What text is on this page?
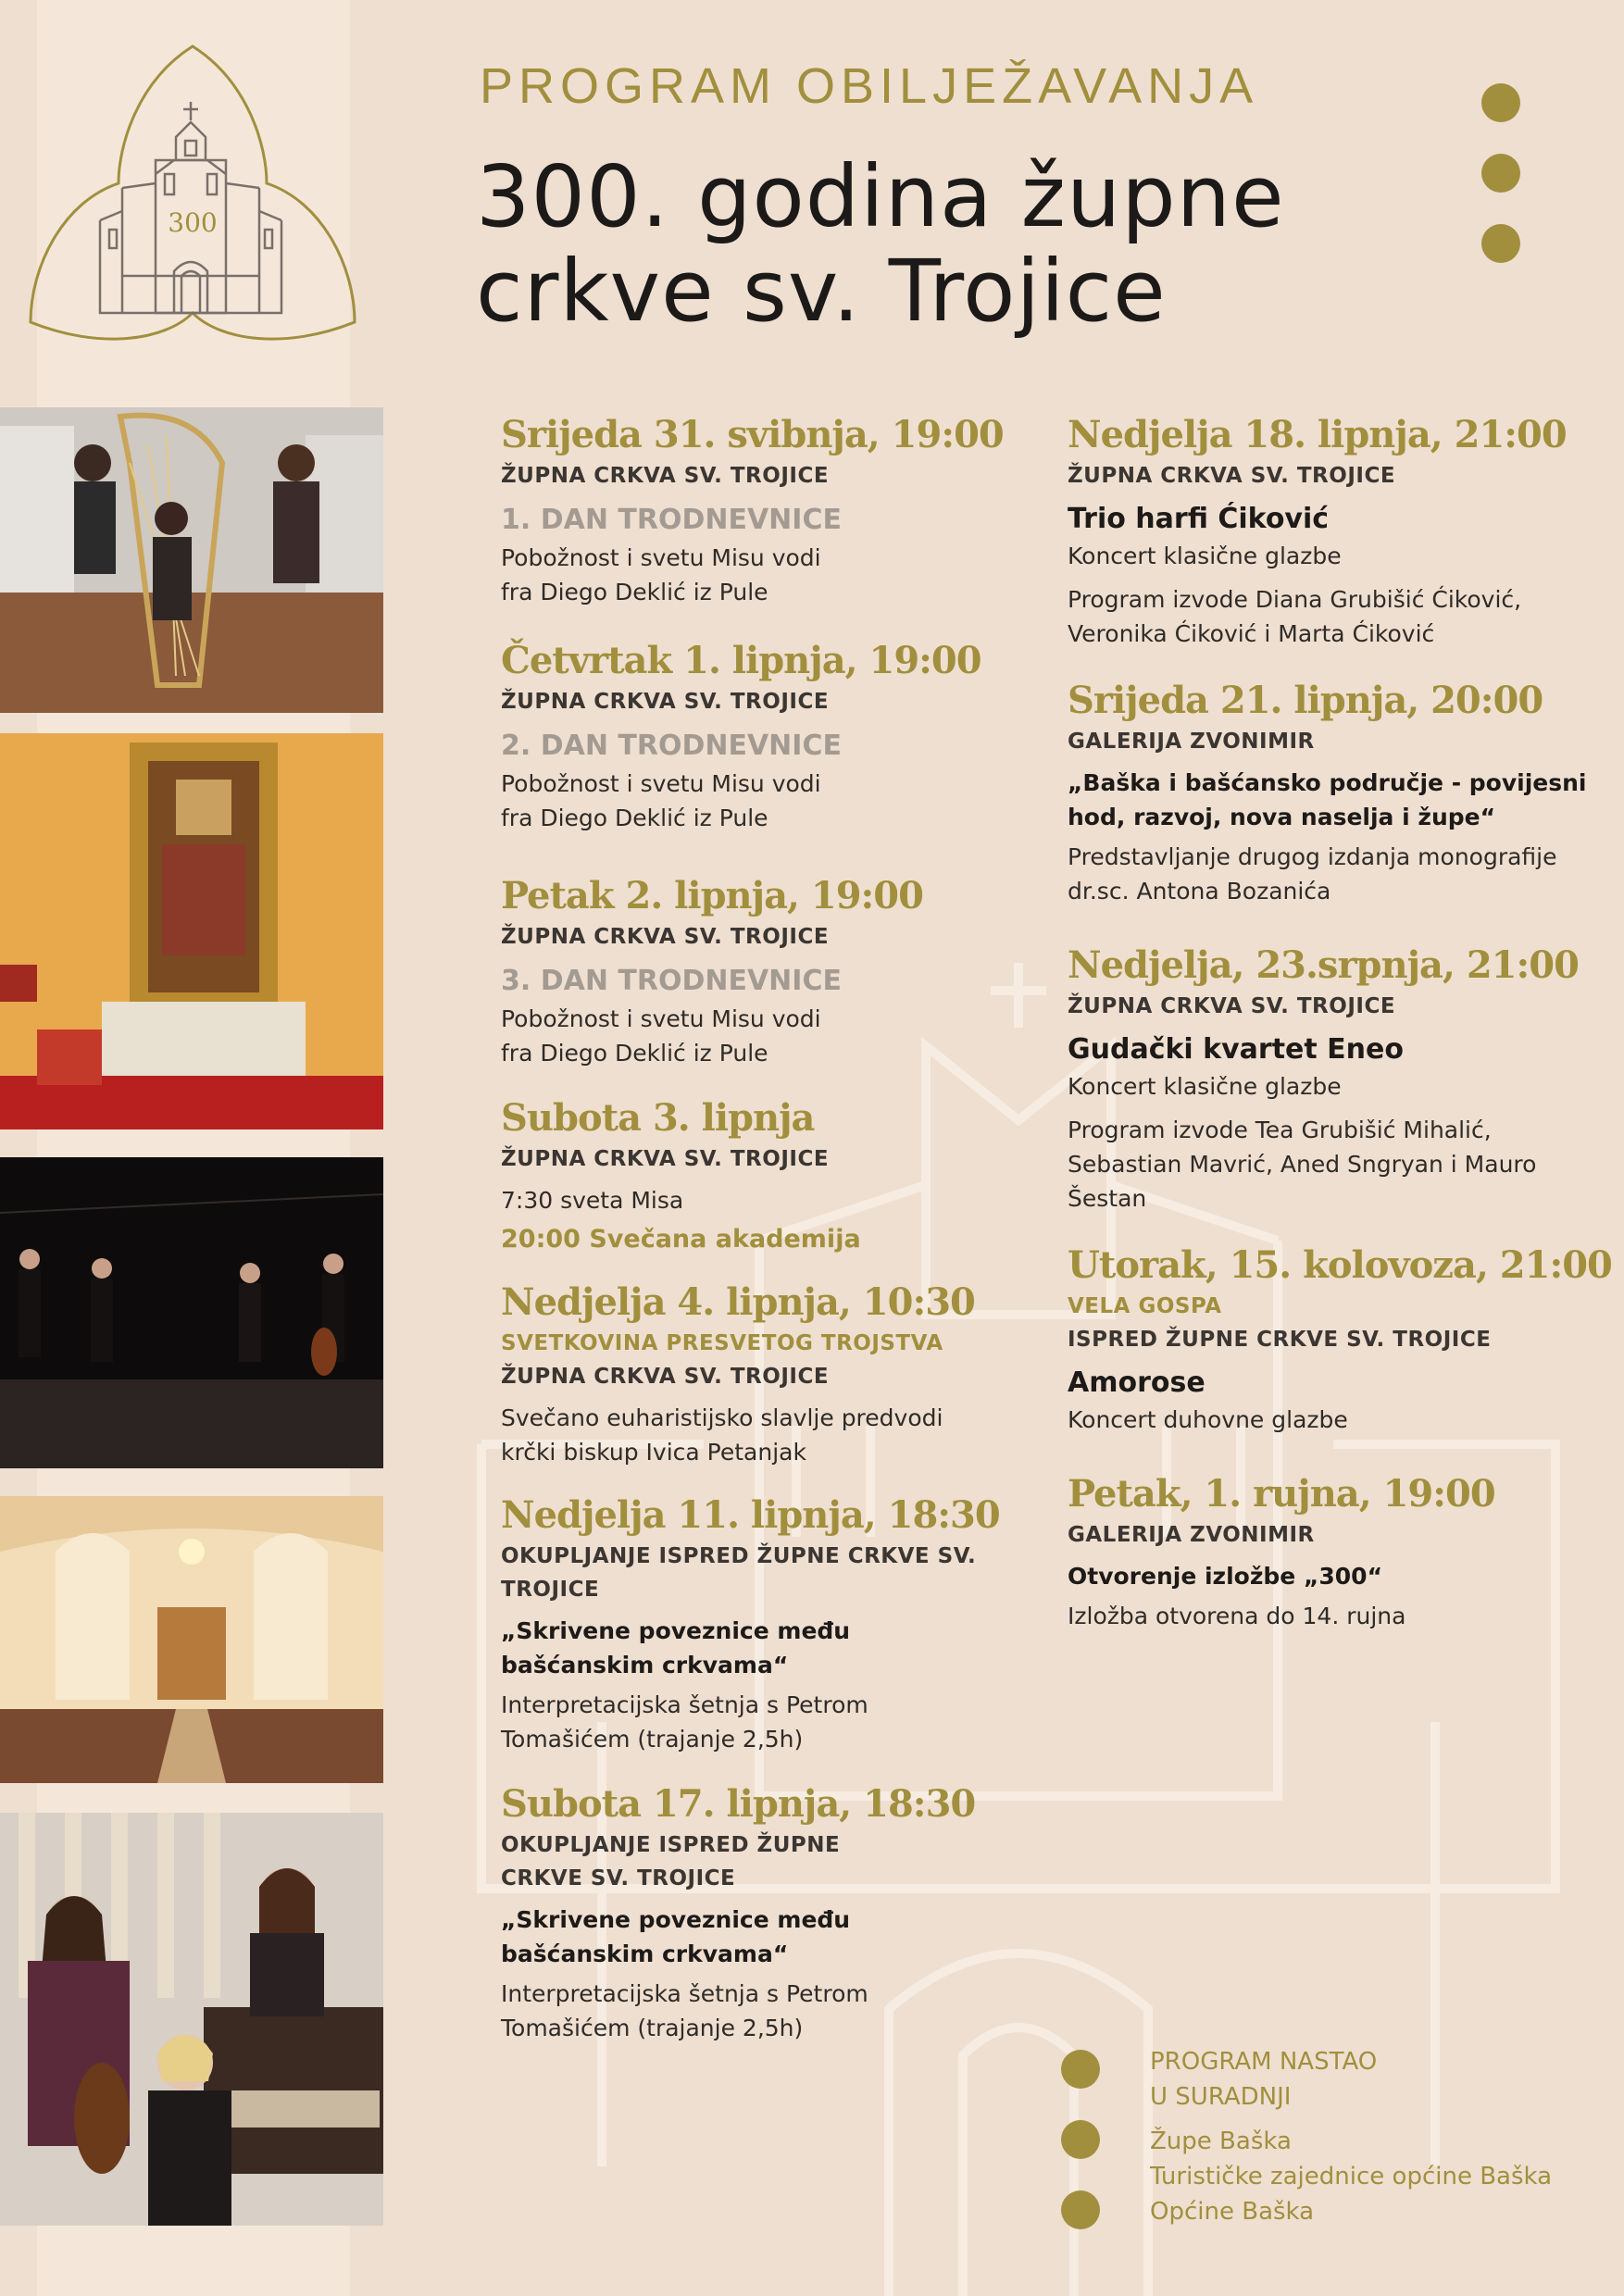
300
PROGRAM OBILJEŽAVANJA
300. godina župne
crkve sv. Trojice
Srijeda 31. svibnja, 19:00
ŽUPNA CRKVA SV. TROJICE
1. DAN TRODNEVNICE
Pobožnost i svetu Misu vodi
fra Diego Deklić iz Pule
Četvrtak 1. lipnja, 19:00
ŽUPNA CRKVA SV. TROJICE
2. DAN TRODNEVNICE
Pobožnost i svetu Misu vodi
fra Diego Deklić iz Pule
Petak 2. lipnja, 19:00
ŽUPNA CRKVA SV. TROJICE
3. DAN TRODNEVNICE
Pobožnost i svetu Misu vodi
fra Diego Deklić iz Pule
Subota 3. lipnja
ŽUPNA CRKVA SV. TROJICE
7:30 sveta Misa
20:00 Svečana akademija
Nedjelja 4. lipnja, 10:30
SVETKOVINA PRESVETOG TROJSTVA
ŽUPNA CRKVA SV. TROJICE
Svečano euharistijsko slavlje predvodi
krčki biskup Ivica Petanjak
Nedjelja 11. lipnja, 18:30
OKUPLJANJE ISPRED ŽUPNE CRKVE SV.
TROJICE
„Skrivene poveznice među
bašćanskim crkvama“
Interpretacijska šetnja s Petrom
Tomašićem (trajanje 2,5h)
Subota 17. lipnja, 18:30
OKUPLJANJE ISPRED ŽUPNE
CRKVE SV. TROJICE
„Skrivene poveznice među
bašćanskim crkvama“
Interpretacijska šetnja s Petrom
Tomašićem (trajanje 2,5h)
Nedjelja 18. lipnja, 21:00
ŽUPNA CRKVA SV. TROJICE
Trio harfi Ćiković
Koncert klasične glazbe
Program izvode Diana Grubišić Ćiković,
Veronika Ćiković i Marta Ćiković
Srijeda 21. lipnja, 20:00
GALERIJA ZVONIMIR
„Baška i bašćansko područje - povijesni
hod, razvoj, nova naselja i župe“
Predstavljanje drugog izdanja monografije
dr.sc. Antona Bozanića
Nedjelja, 23.srpnja, 21:00
ŽUPNA CRKVA SV. TROJICE
Gudački kvartet Eneo
Koncert klasične glazbe
Program izvode Tea Grubišić Mihalić,
Sebastian Mavrić, Aned Sngryan i Mauro
Šestan
Utorak, 15. kolovoza, 21:00
VELA GOSPA
ISPRED ŽUPNE CRKVE SV. TROJICE
Amorose
Koncert duhovne glazbe
Petak, 1. rujna, 19:00
GALERIJA ZVONIMIR
Otvorenje izložbe „300“
Izložba otvorena do 14. rujna

PROGRAM NASTAO

U SURADNJI

Župe Baška

Turističke zajednice općine Baška

Općine Baška
